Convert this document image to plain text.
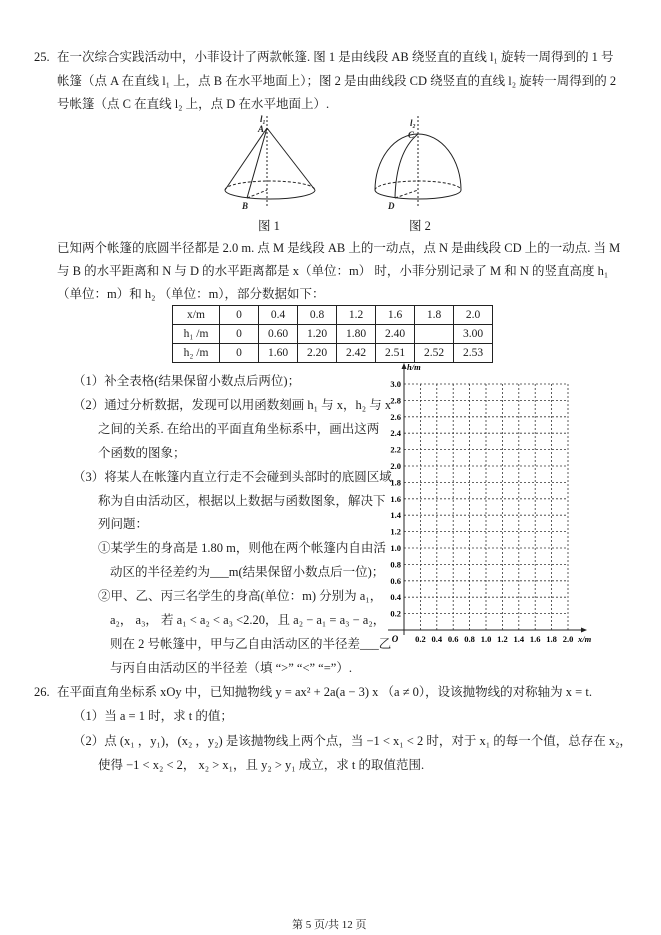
25. 在一次综合实践活动中，小菲设计了两款帐篷. 图 1 是由线段 AB 绕竖直的直线 l₁ 旋转一周得到的 1 号
帐篷（点 A 在直线 l₁ 上，点 B 在水平地面上）；图 2 是由曲线段 CD 绕竖直的直线 l₂ 旋转一周得到的 2
号帐篷（点 C 在直线 l₂ 上，点 D 在水平地面上）.
l₁
A
B
l₂
C
D
图 1	图 2
已知两个帐篷的底圆半径都是 2.0 m. 点 M 是线段 AB 上的一动点，点 N 是曲线段 CD 上的一动点. 当 M
与 B 的水平距离和 N 与 D 的水平距离都是 x（单位：m） 时，小菲分别记录了 M 和 N 的竖直高度 h₁
（单位：m）和 h₂ （单位：m），部分数据如下：
x/m	0	0.4	0.8	1.2	1.6	1.8	2.0
h₁ /m	0	0.60	1.20	1.80	2.40		3.00
h₂ /m	0	1.60	2.20	2.42	2.51	2.52	2.53
（1）补全表格(结果保留小数点后两位)；
（2）通过分析数据，发现可以用函数刻画 h₁ 与 x，h₂ 与 x
之间的关系. 在给出的平面直角坐标系中，画出这两
个函数的图象；
（3）将某人在帐篷内直立行走不会碰到头部时的底圆区域
称为自由活动区，根据以上数据与函数图象，解决下
列问题：
①某学生的身高是 1.80 m，则他在两个帐篷内自由活
动区的半径差约为___m(结果保留小数点后一位)；
②甲、乙、丙三名学生的身高(单位：m) 分别为 a₁，
a₂， a₃， 若 a₁ < a₂ < a₃ <2.20，且 a₂ − a₁ = a₃ − a₂，
则在 2 号帐篷中，甲与乙自由活动区的半径差___乙
与丙自由活动区的半径差（填 “>” “<” “=”）.
0.2
0.4
0.6
0.8
1.0
1.2
1.4
1.6
1.8
2.0
2.2
2.4
2.6
2.8
3.0
0.2 0.4 0.6 0.8 1.0 1.2 1.4 1.6 1.8 2.0
h/m
x/m
O
26. 在平面直角坐标系 xOy 中，已知抛物线 y = ax² + 2a(a − 3) x （a ≠ 0），设该抛物线的对称轴为 x = t.
（1）当 a = 1 时，求 t 的值；
（2）点 (x₁ ，y₁)，(x₂ ，y₂) 是该抛物线上两个点，当 −1 < x₁ < 2 时，对于 x₁ 的每一个值，总存在 x₂，
使得 −1 < x₂ < 2， x₂ > x₁，且 y₂ > y₁ 成立，求 t 的取值范围.
第 5 页/共 12 页
